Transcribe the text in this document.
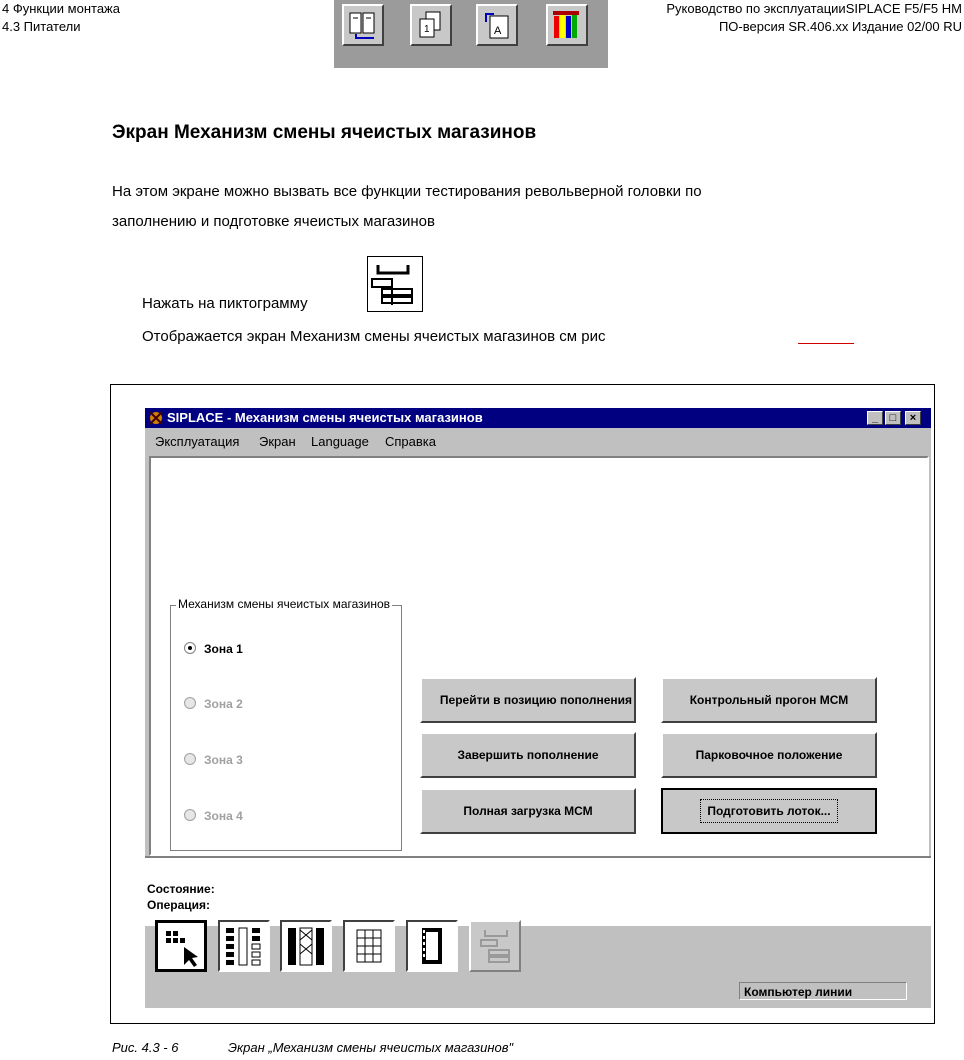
4 Функции монтажа
4.3 Питатели
Руководство по эксплуатацииSIPLACE F5/F5 HM
ПО-версия SR.406.xx Издание 02/00 RU
1	A
Экран Механизм смены ячеистых магазинов
На этом экране можно вызвать все функции тестирования револьверной головки по
заполнению и подготовке ячеистых магазинов
Нажать на пиктограмму
Отображается экран Механизм смены ячеистых магазинов см рис
SIPLACE - Механизм смены ячеистых магазинов	_	□	×
Эксплуатация Экран Language Справка
Состояние:
Операция:
Компьютер линии
Механизм смены ячеистых магазинов
Зона 1
Зона 2
Зона 3
Зона 4
Перейти в позицию пополнения
Завершить пополнение
Полная загрузка МСМ
Контрольный прогон МСМ
Парковочное положение
Подготовить лоток...
Рис. 4.3 - 6	Экран „Механизм смены ячеистых магазинов"
